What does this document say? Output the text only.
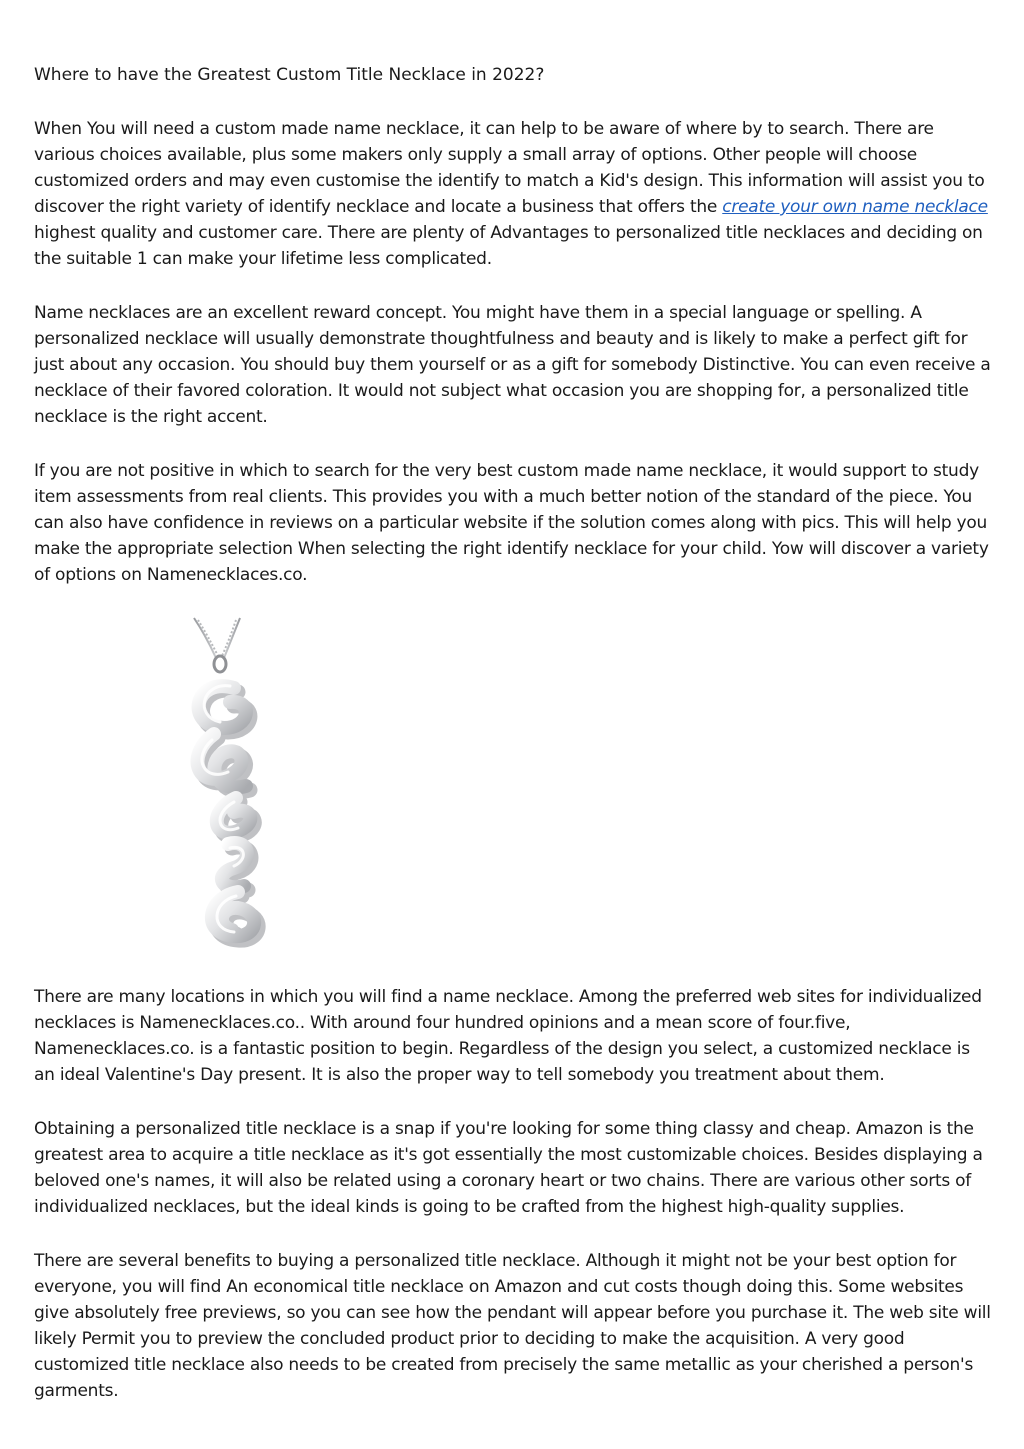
Where to have the Greatest Custom Title Necklace in 2022?

When You will need a custom made name necklace, it can help to be aware of where by to search. There are various choices available, plus some makers only supply a small array of options. Other people will choose customized orders and may even customise the identify to match a Kid's design. This information will assist you to discover the right variety of identify necklace and locate a business that offers the create your own name necklace highest quality and customer care. There are plenty of Advantages to personalized title necklaces and deciding on the suitable 1 can make your lifetime less complicated.

Name necklaces are an excellent reward concept. You might have them in a special language or spelling. A personalized necklace will usually demonstrate thoughtfulness and beauty and is likely to make a perfect gift for just about any occasion. You should buy them yourself or as a gift for somebody Distinctive. You can even receive a necklace of their favored coloration. It would not subject what occasion you are shopping for, a personalized title necklace is the right accent.

If you are not positive in which to search for the very best custom made name necklace, it would support to study item assessments from real clients. This provides you with a much better notion of the standard of the piece. You can also have confidence in reviews on a particular website if the solution comes along with pics. This will help you make the appropriate selection When selecting the right identify necklace for your child. Yow will discover a variety of options on Namenecklaces.co.

There are many locations in which you will find a name necklace. Among the preferred web sites for individualized necklaces is Namenecklaces.co.. With around four hundred opinions and a mean score of four.five, Namenecklaces.co. is a fantastic position to begin. Regardless of the design you select, a customized necklace is an ideal Valentine's Day present. It is also the proper way to tell somebody you treatment about them.

Obtaining a personalized title necklace is a snap if you're looking for some thing classy and cheap. Amazon is the greatest area to acquire a title necklace as it's got essentially the most customizable choices. Besides displaying a beloved one's names, it will also be related using a coronary heart or two chains. There are various other sorts of individualized necklaces, but the ideal kinds is going to be crafted from the highest high-quality supplies.

There are several benefits to buying a personalized title necklace. Although it might not be your best option for everyone, you will find An economical title necklace on Amazon and cut costs though doing this. Some websites give absolutely free previews, so you can see how the pendant will appear before you purchase it. The web site will likely Permit you to preview the concluded product prior to deciding to make the acquisition. A very good customized title necklace also needs to be created from precisely the same metallic as your cherished a person's garments.
